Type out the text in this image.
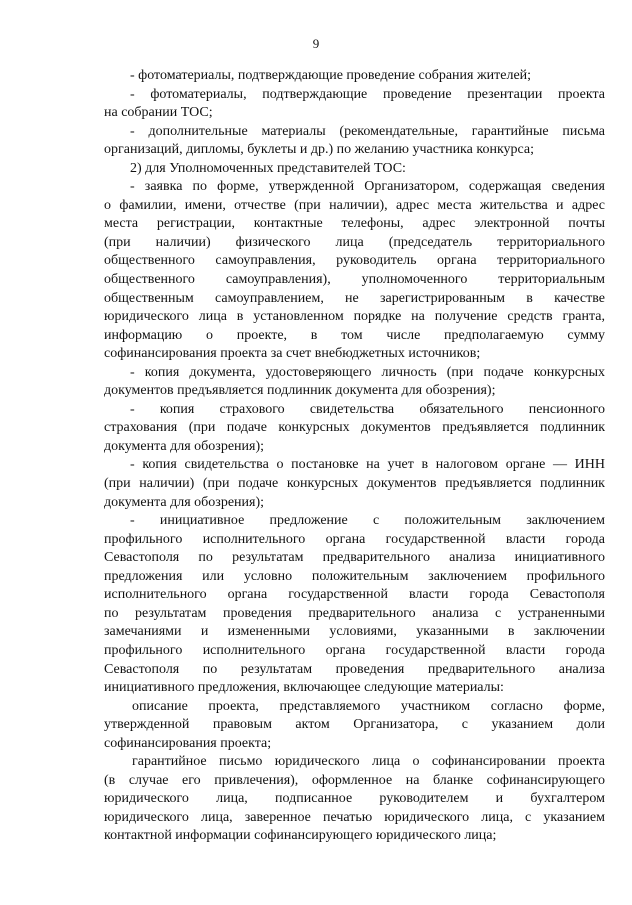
9
- фотоматериалы, подтверждающие проведение собрания жителей;
- фотоматериалы, подтверждающие проведение презентации проекта
на собрании ТОС;
- дополнительные материалы (рекомендательные, гарантийные письма
организаций, дипломы, буклеты и др.) по желанию участника конкурса;
2) для Уполномоченных представителей ТОС:
- заявка по форме, утвержденной Организатором, содержащая сведения
о фамилии, имени, отчестве (при наличии), адрес места жительства и адрес
места регистрации, контактные телефоны, адрес электронной почты
(при наличии) физического лица (председатель территориального
общественного самоуправления, руководитель органа территориального
общественного самоуправления), уполномоченного территориальным
общественным самоуправлением, не зарегистрированным в качестве
юридического лица в установленном порядке на получение средств гранта,
информацию о проекте, в том числе предполагаемую сумму
софинансирования проекта за счет внебюджетных источников;
- копия документа, удостоверяющего личность (при подаче конкурсных
документов предъявляется подлинник документа для обозрения);
- копия страхового свидетельства обязательного пенсионного
страхования (при подаче конкурсных документов предъявляется подлинник
документа для обозрения);
- копия свидетельства о постановке на учет в налоговом органе — ИНН
(при наличии) (при подаче конкурсных документов предъявляется подлинник
документа для обозрения);
- инициативное предложение с положительным заключением
профильного исполнительного органа государственной власти города
Севастополя по результатам предварительного анализа инициативного
предложения или условно положительным заключением профильного
исполнительного органа государственной власти города Севастополя
по результатам проведения предварительного анализа с устраненными
замечаниями и измененными условиями, указанными в заключении
профильного исполнительного органа государственной власти города
Севастополя по результатам проведения предварительного анализа
инициативного предложения, включающее следующие материалы:
описание проекта, представляемого участником согласно форме,
утвержденной правовым актом Организатора, с указанием доли
софинансирования проекта;
гарантийное письмо юридического лица о софинансировании проекта
(в случае его привлечения), оформленное на бланке софинансирующего
юридического лица, подписанное руководителем и бухгалтером
юридического лица, заверенное печатью юридического лица, с указанием
контактной информации софинансирующего юридического лица;
